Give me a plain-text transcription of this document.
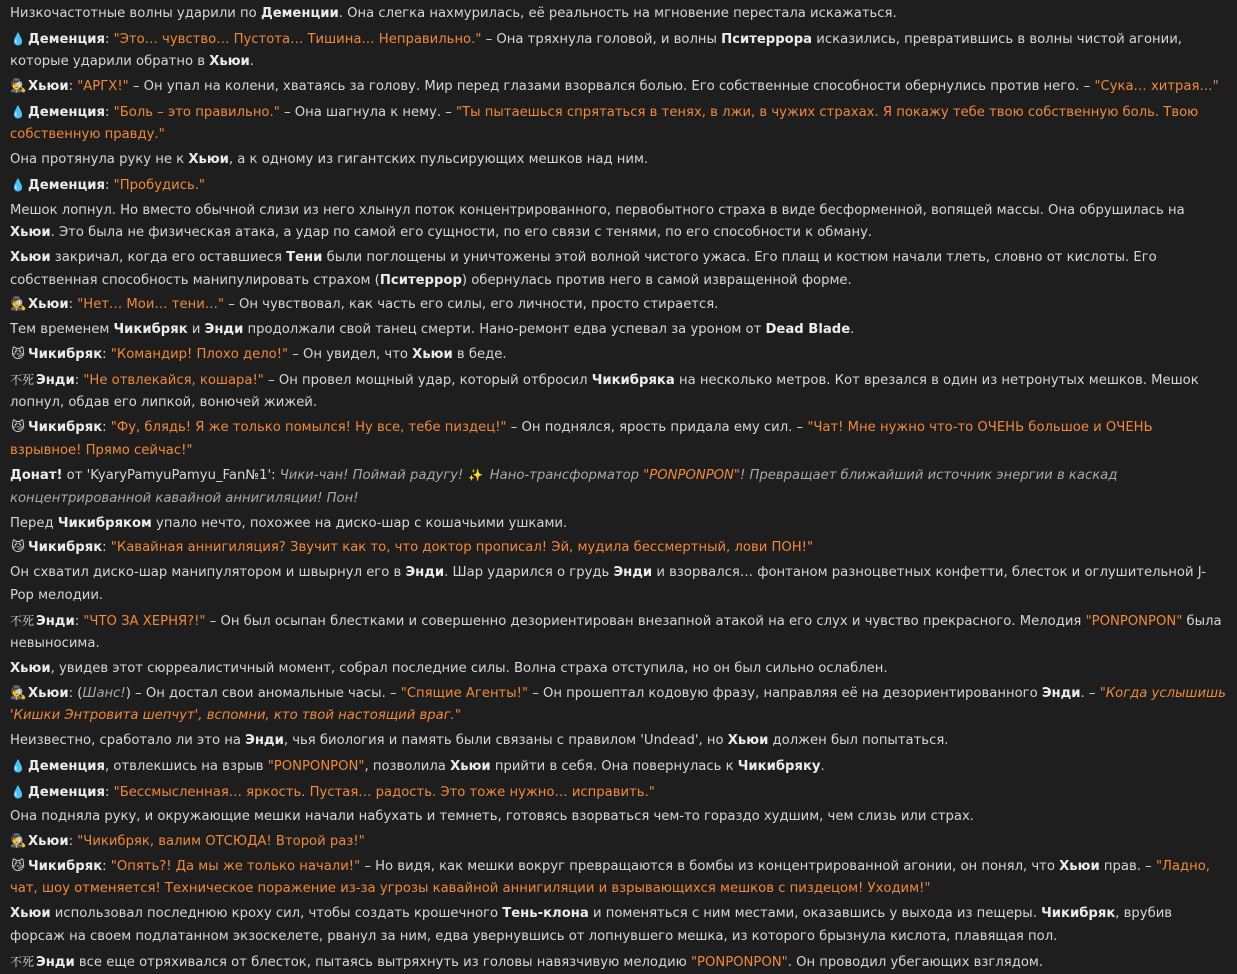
Низкочастотные волны ударили по Деменции. Она слегка нахмурилась, её реальность на мгновение перестала искажаться.
💧 Деменция: "Это… чувство… Пустота… Тишина… Неправильно." – Она тряхнула головой, и волны Пситеррора исказились, превратившись в волны чистой агонии, которые ударили обратно в Хьюи.
🕵 Хьюи: "АРГХ!" – Он упал на колени, хватаясь за голову. Мир перед глазами взорвался болью. Его собственные способности обернулись против него. – "Сука… хитрая…"
💧 Деменция: "Боль – это правильно." – Она шагнула к нему. – "Ты пытаешься спрятаться в тенях, в лжи, в чужих страхах. Я покажу тебе твою собственную боль. Твою собственную правду."
Она протянула руку не к Хьюи, а к одному из гигантских пульсирующих мешков над ним.
💧 Деменция: "Пробудись."
Мешок лопнул. Но вместо обычной слизи из него хлынул поток концентрированного, первобытного страха в виде бесформенной, вопящей массы. Она обрушилась на Хьюи. Это была не физическая атака, а удар по самой его сущности, по его связи с тенями, по его способности к обману.
Хьюи закричал, когда его оставшиеся Тени были поглощены и уничтожены этой волной чистого ужаса. Его плащ и костюм начали тлеть, словно от кислоты. Его собственная способность манипулировать страхом (Пситеррор) обернулась против него в самой извращенной форме.
🕵 Хьюи: "Нет… Мои… тени…" – Он чувствовал, как часть его силы, его личности, просто стирается.
Тем временем Чикибряк и Энди продолжали свой танец смерти. Нано-ремонт едва успевал за уроном от Dead Blade.
😼 Чикибряк: "Командир! Плохо дело!" – Он увидел, что Хьюи в беде.
不死 Энди: "Не отвлекайся, кошара!" – Он провел мощный удар, который отбросил Чикибряка на несколько метров. Кот врезался в один из нетронутых мешков. Мешок лопнул, обдав его липкой, вонючей жижей.
😼 Чикибряк: "Фу, блядь! Я же только помылся! Ну все, тебе пиздец!" – Он поднялся, ярость придала ему сил. – "Чат! Мне нужно что-то ОЧЕНЬ большое и ОЧЕНЬ взрывное! Прямо сейчас!"
Донат! от 'KyaryPamyuPamyu_Fan№1': Чики-чан! Поймай радугу! ✨ Нано-трансформатор "PONPONPON"! Превращает ближайший источник энергии в каскад концентрированной кавайной аннигиляции! Пон!
Перед Чикибряком упало нечто, похожее на диско-шар с кошачьими ушками.
😼 Чикибряк: "Кавайная аннигиляция? Звучит как то, что доктор прописал! Эй, мудила бессмертный, лови ПОН!"
Он схватил диско-шар манипулятором и швырнул его в Энди. Шар ударился о грудь Энди и взорвался… фонтаном разноцветных конфетти, блесток и оглушительной J-Pop мелодии.
不死 Энди: "ЧТО ЗА ХЕРНЯ?!" – Он был осыпан блестками и совершенно дезориентирован внезапной атакой на его слух и чувство прекрасного. Мелодия "PONPONPON" была невыносима.
Хьюи, увидев этот сюрреалистичный момент, собрал последние силы. Волна страха отступила, но он был сильно ослаблен.
🕵 Хьюи: (Шанс!) – Он достал свои аномальные часы. – "Спящие Агенты!" – Он прошептал кодовую фразу, направляя её на дезориентированного Энди. – "Когда услышишь 'Кишки Энтровита шепчут', вспомни, кто твой настоящий враг."
Неизвестно, сработало ли это на Энди, чья биология и память были связаны с правилом 'Undead', но Хьюи должен был попытаться.
💧 Деменция, отвлекшись на взрыв "PONPONPON", позволила Хьюи прийти в себя. Она повернулась к Чикибряку.
💧 Деменция: "Бессмысленная… яркость. Пустая… радость. Это тоже нужно… исправить."
Она подняла руку, и окружающие мешки начали набухать и темнеть, готовясь взорваться чем-то гораздо худшим, чем слизь или страх.
🕵 Хьюи: "Чикибряк, валим ОТСЮДА! Второй раз!"
😼 Чикибряк: "Опять?! Да мы же только начали!" – Но видя, как мешки вокруг превращаются в бомбы из концентрированной агонии, он понял, что Хьюи прав. – "Ладно, чат, шоу отменяется! Техническое поражение из-за угрозы кавайной аннигиляции и взрывающихся мешков с пиздецом! Уходим!"
Хьюи использовал последнюю кроху сил, чтобы создать крошечного Тень-клона и поменяться с ним местами, оказавшись у выхода из пещеры. Чикибряк, врубив форсаж на своем подлатанном экзоскелете, рванул за ним, едва увернувшись от лопнувшего мешка, из которого брызнула кислота, плавящая пол.
不死 Энди все еще отряхивался от блесток, пытаясь вытряхнуть из головы навязчивую мелодию "PONPONPON". Он проводил убегающих взглядом.
